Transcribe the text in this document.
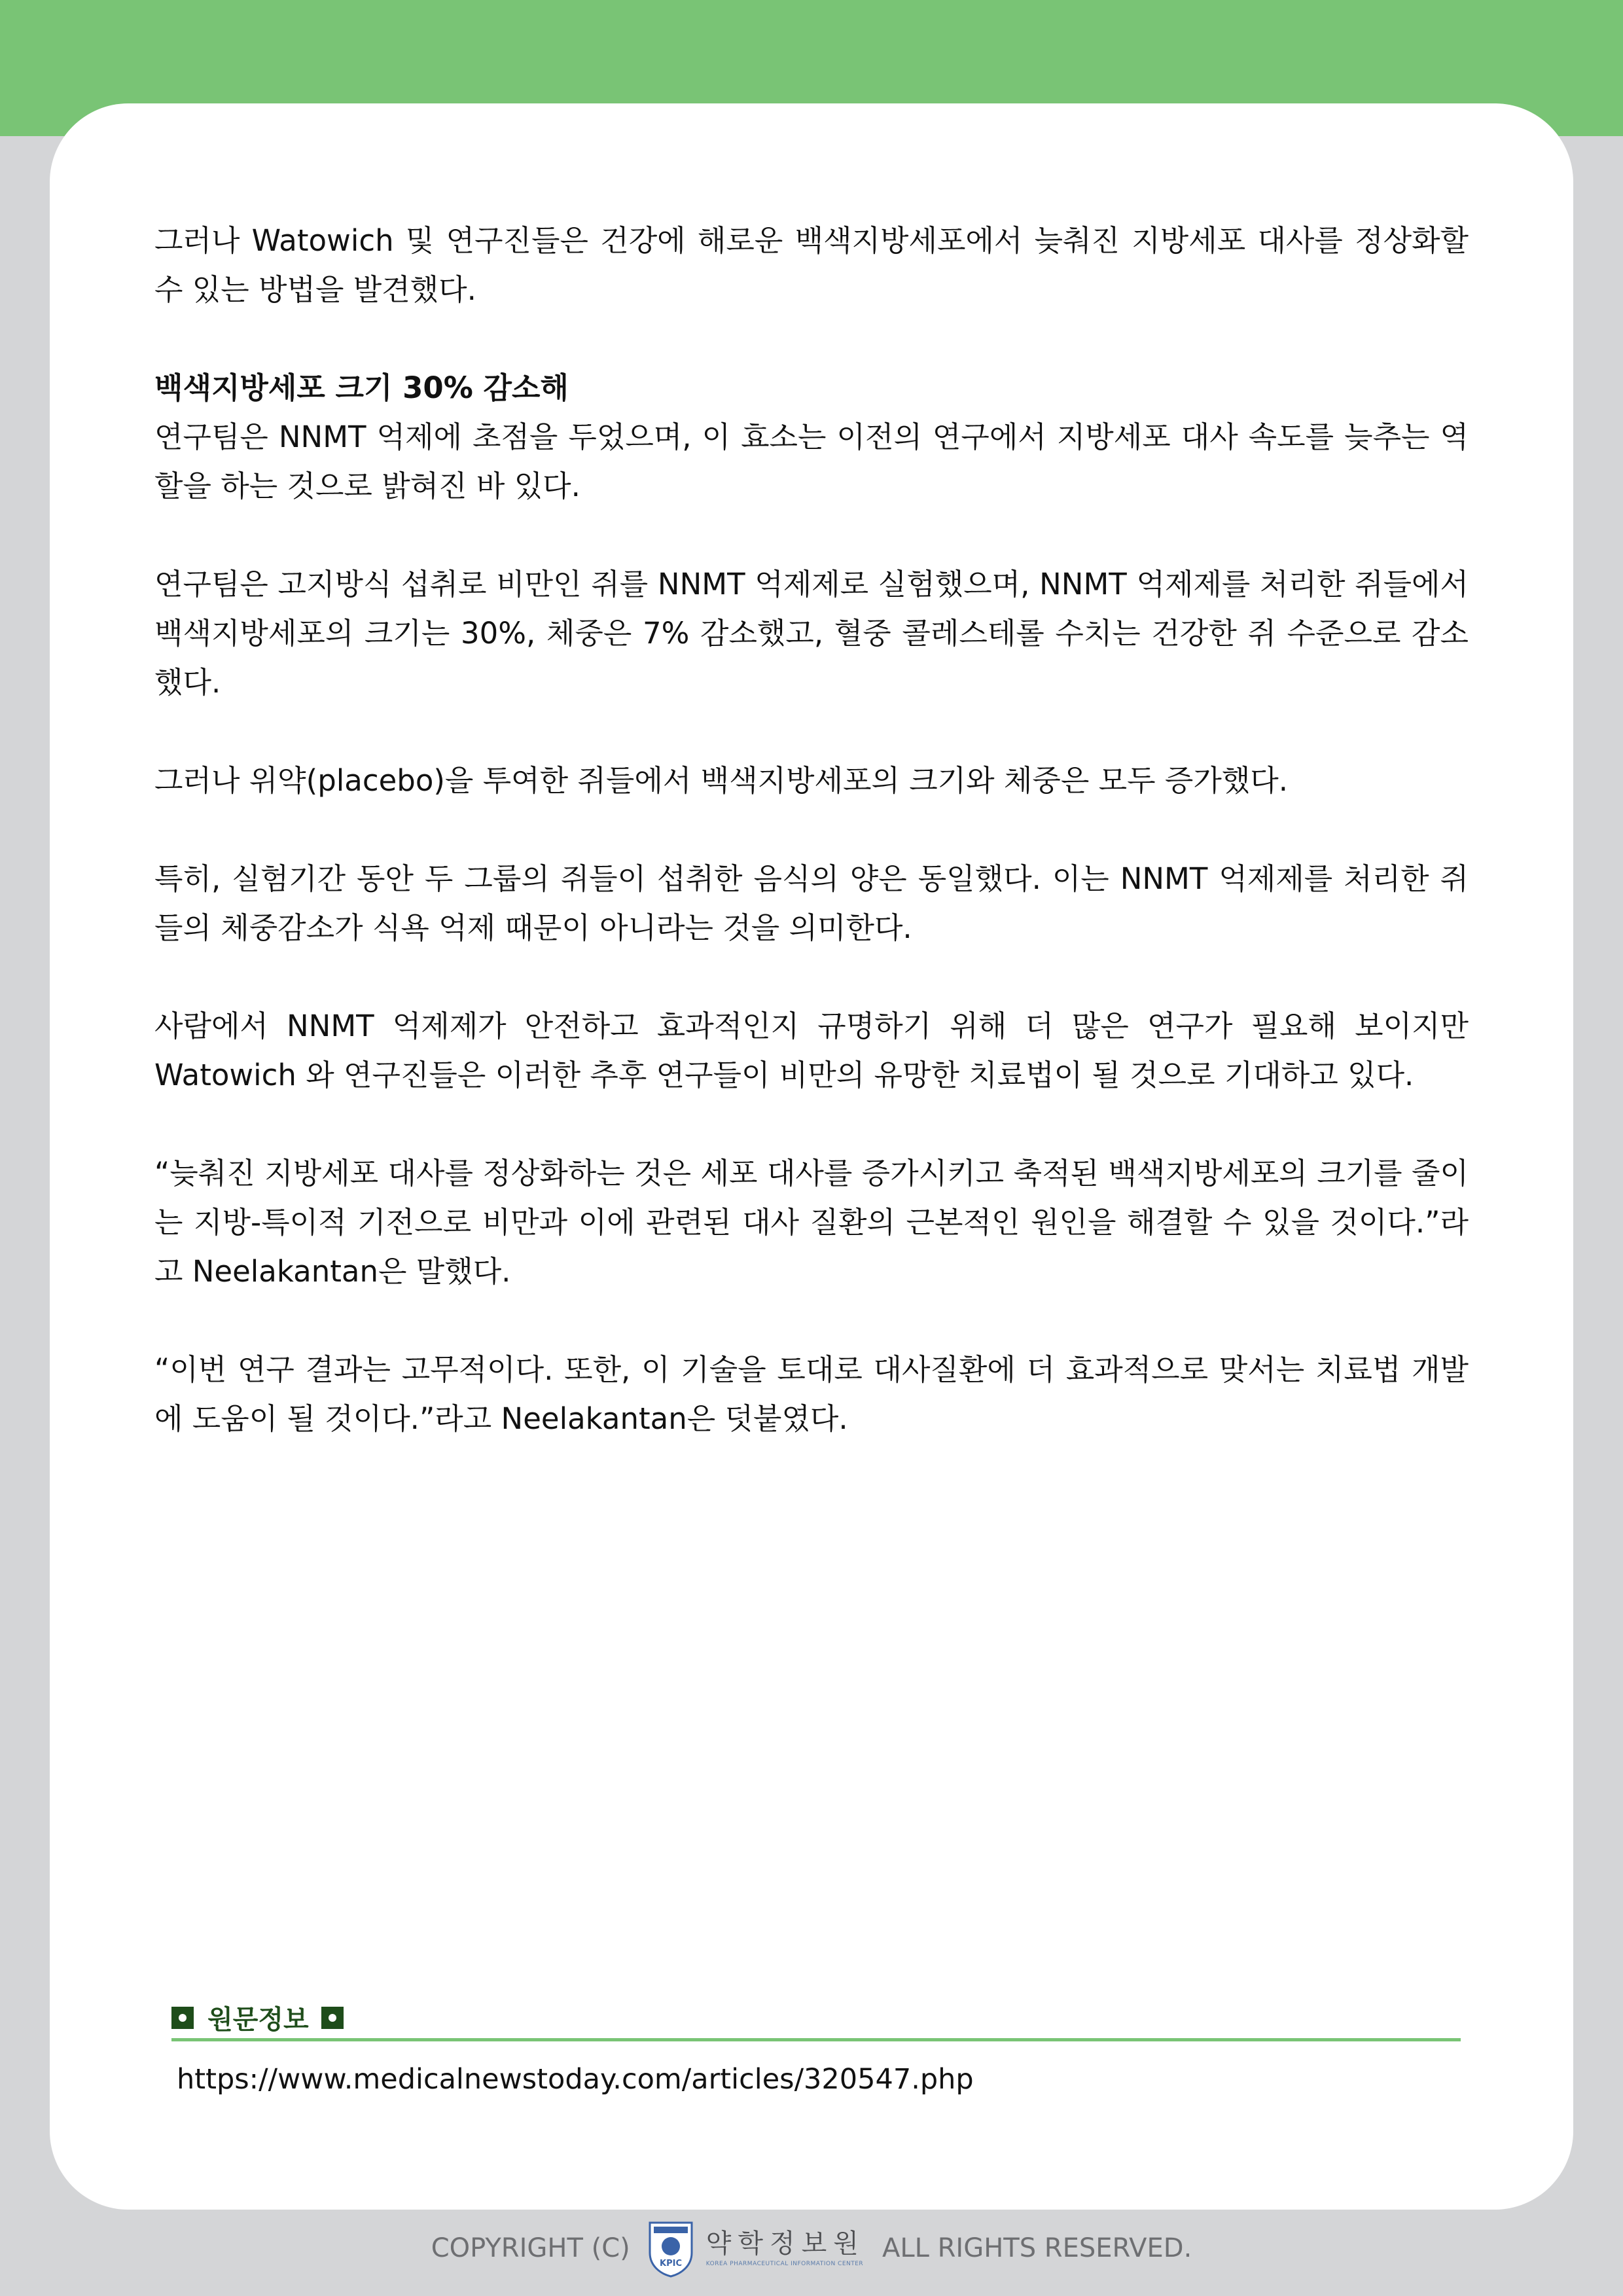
그러나 Watowich 및 연구진들은 건강에 해로운 백색지방세포에서 늦춰진 지방세포 대사를 정상화할 수 있는 방법을 발견했다.

백색지방세포 크기 30% 감소해

연구팀은 NNMT 억제에 초점을 두었으며, 이 효소는 이전의 연구에서 지방세포 대사 속도를 늦추는 역할을 하는 것으로 밝혀진 바 있다.

연구팀은 고지방식 섭취로 비만인 쥐를 NNMT 억제제로 실험했으며, NNMT 억제제를 처리한 쥐들에서 백색지방세포의 크기는 30%, 체중은 7% 감소했고, 혈중 콜레스테롤 수치는 건강한 쥐 수준으로 감소했다.

그러나 위약(placebo)을 투여한 쥐들에서 백색지방세포의 크기와 체중은 모두 증가했다.

특히, 실험기간 동안 두 그룹의 쥐들이 섭취한 음식의 양은 동일했다. 이는 NNMT 억제제를 처리한 쥐들의 체중감소가 식욕 억제 때문이 아니라는 것을 의미한다.

사람에서 NNMT 억제제가 안전하고 효과적인지 규명하기 위해 더 많은 연구가 필요해 보이지만 Watowich 와 연구진들은 이러한 추후 연구들이 비만의 유망한 치료법이 될 것으로 기대하고 있다.

“늦춰진 지방세포 대사를 정상화하는 것은 세포 대사를 증가시키고 축적된 백색지방세포의 크기를 줄이는 지방-특이적 기전으로 비만과 이에 관련된 대사 질환의 근본적인 원인을 해결할 수 있을 것이다.”라고 Neelakantan은 말했다.

“이번 연구 결과는 고무적이다. 또한, 이 기술을 토대로 대사질환에 더 효과적으로 맞서는 치료법 개발에 도움이 될 것이다.”라고 Neelakantan은 덧붙였다.

원문정보
https://www.medicalnewstoday.com/articles/320547.php
COPYRIGHT (C)
KPIC
약학정보원
KOREA PHARMACEUTICAL INFORMATION CENTER
ALL RIGHTS RESERVED.
